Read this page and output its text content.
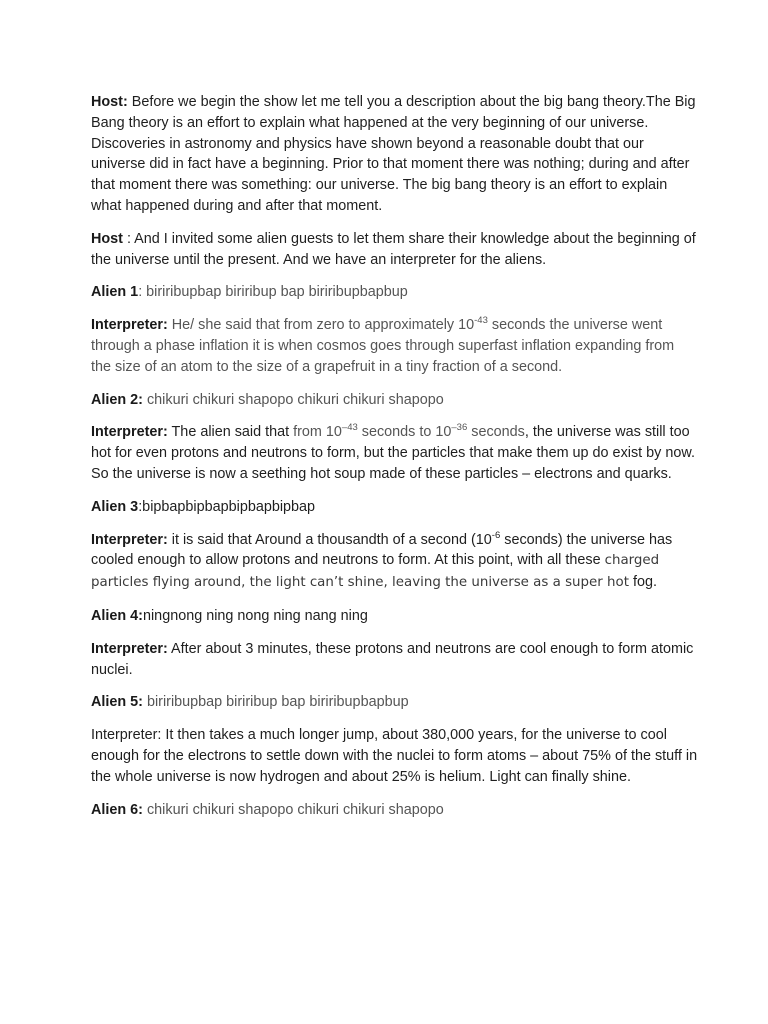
Host: Before we begin the show let me tell you a description about the big bang theory.The Big Bang theory is an effort to explain what happened at the very beginning of our universe. Discoveries in astronomy and physics have shown beyond a reasonable doubt that our universe did in fact have a beginning. Prior to that moment there was nothing; during and after that moment there was something: our universe. The big bang theory is an effort to explain what happened during and after that moment.

Host : And I invited some alien guests to let them share their knowledge about the beginning of the universe until the present. And we have an interpreter for the aliens.

Alien 1: biriribupbap biriribup bap biriribupbapbup

Interpreter: He/ she said that from zero to approximately $10^{-43}$ seconds the universe went through a phase inflation it is when cosmos goes through superfast inflation expanding from the size of an atom to the size of a grapefruit in a tiny fraction of a second.

Alien 2: chikuri chikuri shapopo chikuri chikuri shapopo

Interpreter: The alien said that from $10^{-43}$ seconds to $10^{-36}$ seconds, the universe was still too hot for even protons and neutrons to form, but the particles that make them up do exist by now. So the universe is now a seething hot soup made of these particles – electrons and quarks.

Alien 3:bipbapbipbapbipbapbipbap

Interpreter: it is said that Around a thousandth of a second ($10^{-6}$ seconds) the universe has cooled enough to allow protons and neutrons to form. At this point, with all these charged particles flying around, the light can’t shine, leaving the universe as a super hot fog.

Alien 4:ningnong ning nong ning nang ning

Interpreter: After about 3 minutes, these protons and neutrons are cool enough to form atomic nuclei.

Alien 5: biriribupbap biriribup bap biriribupbapbup

Interpreter: It then takes a much longer jump, about 380,000 years, for the universe to cool enough for the electrons to settle down with the nuclei to form atoms – about 75% of the stuff in the whole universe is now hydrogen and about 25% is helium. Light can finally shine.

Alien 6: chikuri chikuri shapopo chikuri chikuri shapopo
